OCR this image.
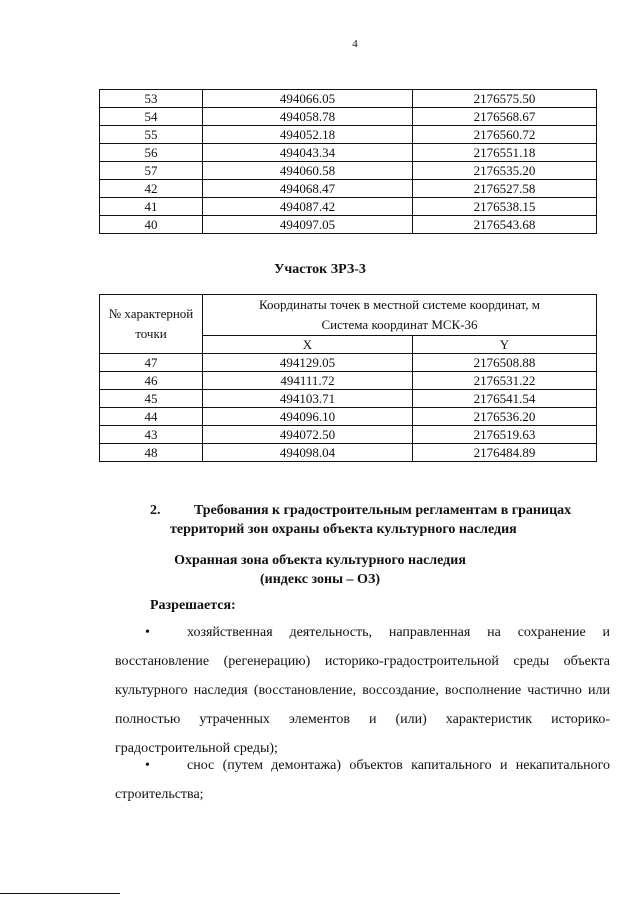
4
53	494066.05	2176575.50
54	494058.78	2176568.67
55	494052.18	2176560.72
56	494043.34	2176551.18
57	494060.58	2176535.20
42	494068.47	2176527.58
41	494087.42	2176538.15
40	494097.05	2176543.68
Участок ЗРЗ-3
№ характерной точки	Координаты точек в местной системе координат, м
Система координат МСК-36	
	X	Y
47	494129.05	2176508.88
46	494111.72	2176531.22
45	494103.71	2176541.54
44	494096.10	2176536.20
43	494072.50	2176519.63
48	494098.04	2176484.89
2. Требования к градостроительным регламентам в границах
территорий зон охраны объекта культурного наследия
Охранная зона объекта культурного наследия
(индекс зоны – ОЗ)
Разрешается:
•	хозяйственная деятельность, направленная на сохранение и восстановление (регенерацию) историко-градостроительной среды объекта культурного наследия (восстановление, воссоздание, восполнение частично или полностью утраченных элементов и (или) характеристик историко-градостроительной среды);
•	снос (путем демонтажа) объектов капитального и некапитального строительства;
